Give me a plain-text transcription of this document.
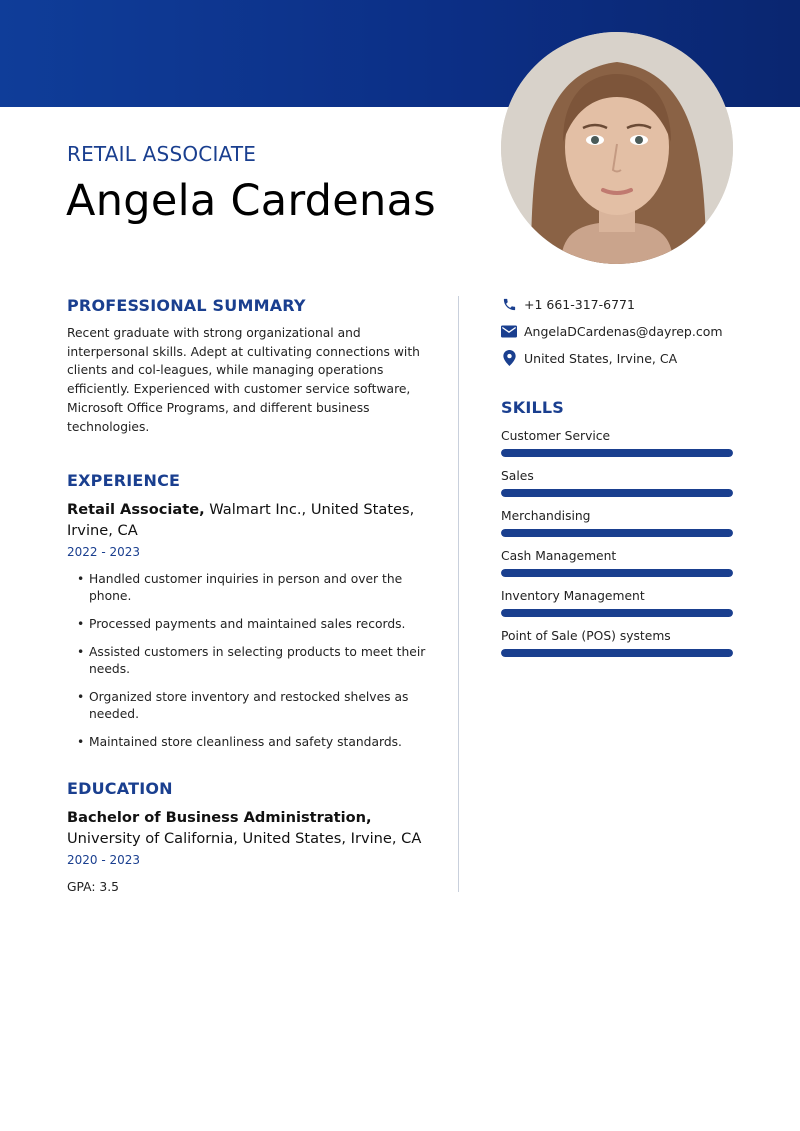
RETAIL ASSOCIATE
Angela Cardenas
PROFESSIONAL SUMMARY
Recent graduate with strong organizational and interpersonal skills. Adept at cultivating connections with clients and col-leagues, while managing operations efficiently. Experienced with customer service software, Microsoft Office Programs, and different business technologies.
EXPERIENCE
Retail Associate, Walmart Inc., United States, Irvine, CA
2022 - 2023
• Handled customer inquiries in person and over the phone.
• Processed payments and maintained sales records.
• Assisted customers in selecting products to meet their needs.
• Organized store inventory and restocked shelves as needed.
• Maintained store cleanliness and safety standards.
EDUCATION
Bachelor of Business Administration, University of California, United States, Irvine, CA
2020 - 2023
GPA: 3.5
+1 661-317-6771
AngelaDCardenas@dayrep.com
United States, Irvine, CA
SKILLS
Customer Service
Sales
Merchandising
Cash Management
Inventory Management
Point of Sale (POS) systems
